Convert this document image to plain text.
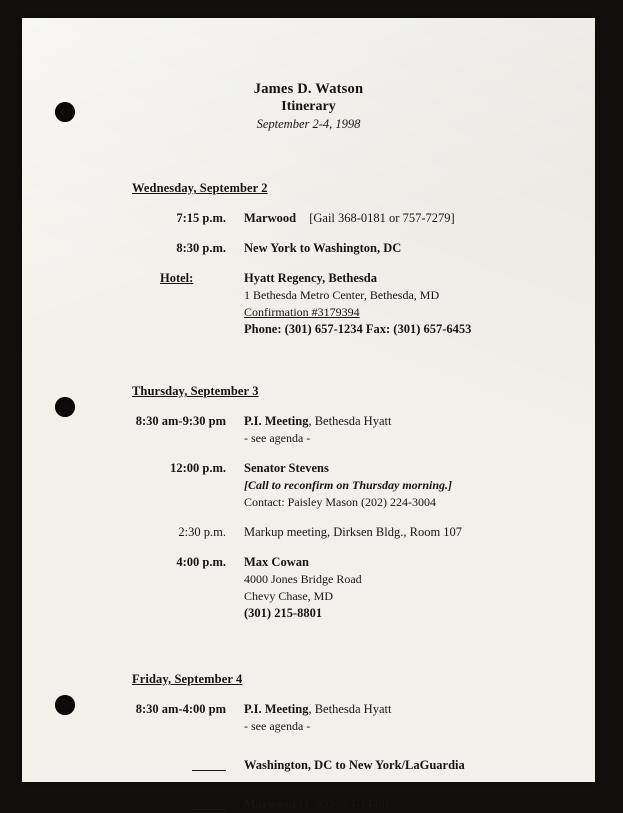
James D. Watson
Itinerary
September 2-4, 1998
Wednesday, September 2
7:15 p.m.	Marwood [Gail 368-0181 or 757-7279]
8:30 p.m.	New York to Washington, DC
Hotel:	Hyatt Regency, Bethesda
1 Bethesda Metro Center, Bethesda, MD
Confirmation #3179394
Phone: (301) 657-1234 Fax: (301) 657-6453
Thursday, September 3
8:30 am-9:30 pm	P.I. Meeting, Bethesda Hyatt
- see agenda -
12:00 p.m.	Senator Stevens
[Call to reconfirm on Thursday morning.]
Contact: Paisley Mason (202) 224-3004
2:30 p.m.	Markup meeting, Dirksen Bldg., Room 107
4:00 p.m.	Max Cowan
4000 Jones Bridge Road
Chevy Chase, MD
(301) 215-8801
Friday, September 4
8:30 am-4:00 pm	P.I. Meeting, Bethesda Hyatt
- see agenda -
Washington, DC to New York/LaGuardia
Marwood (1-800-564-1440)
